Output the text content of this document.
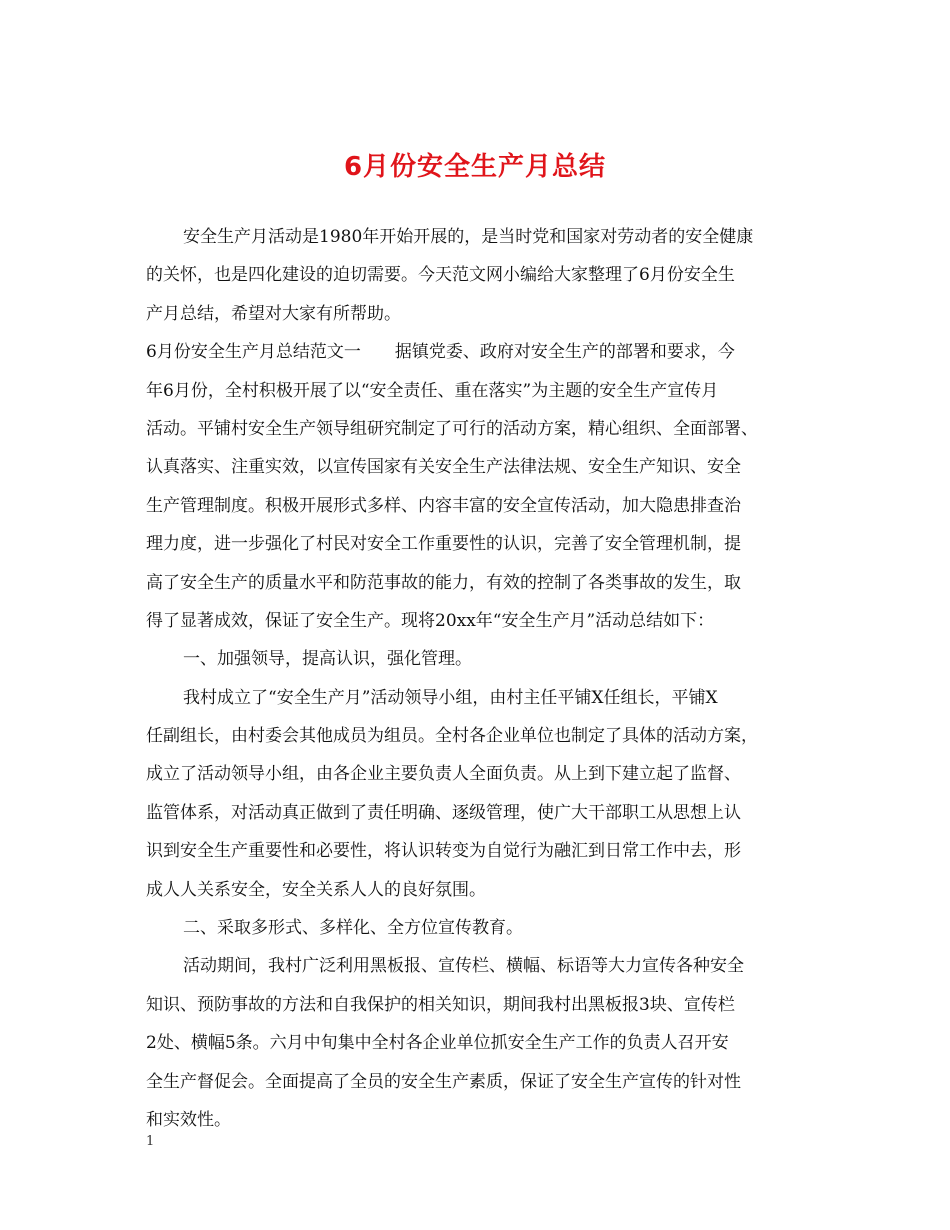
6月份安全生产月总结
安全生产月活动是1980年开始开展的，是当时党和国家对劳动者的安全健康
的关怀，也是四化建设的迫切需要。今天范文网小编给大家整理了6月份安全生
产月总结，希望对大家有所帮助。
6月份安全生产月总结范文一　　据镇党委、政府对安全生产的部署和要求，今
年6月份，全村积极开展了以“安全责任、重在落实”为主题的安全生产宣传月
活动。平铺村安全生产领导组研究制定了可行的活动方案，精心组织、全面部署、
认真落实、注重实效，以宣传国家有关安全生产法律法规、安全生产知识、安全
生产管理制度。积极开展形式多样、内容丰富的安全宣传活动，加大隐患排查治
理力度，进一步强化了村民对安全工作重要性的认识，完善了安全管理机制，提
高了安全生产的质量水平和防范事故的能力，有效的控制了各类事故的发生，取
得了显著成效，保证了安全生产。现将20xx年“安全生产月”活动总结如下：
一、加强领导，提高认识，强化管理。
我村成立了“安全生产月”活动领导小组，由村主任平铺X任组长，平铺X
任副组长，由村委会其他成员为组员。全村各企业单位也制定了具体的活动方案，
成立了活动领导小组，由各企业主要负责人全面负责。从上到下建立起了监督、
监管体系，对活动真正做到了责任明确、逐级管理，使广大干部职工从思想上认
识到安全生产重要性和必要性，将认识转变为自觉行为融汇到日常工作中去，形
成人人关系安全，安全关系人人的良好氛围。
二、采取多形式、多样化、全方位宣传教育。
活动期间，我村广泛利用黑板报、宣传栏、横幅、标语等大力宣传各种安全
知识、预防事故的方法和自我保护的相关知识，期间我村出黑板报3块、宣传栏
2处、横幅5条。六月中旬集中全村各企业单位抓安全生产工作的负责人召开安
全生产督促会。全面提高了全员的安全生产素质，保证了安全生产宣传的针对性
和实效性。
1
